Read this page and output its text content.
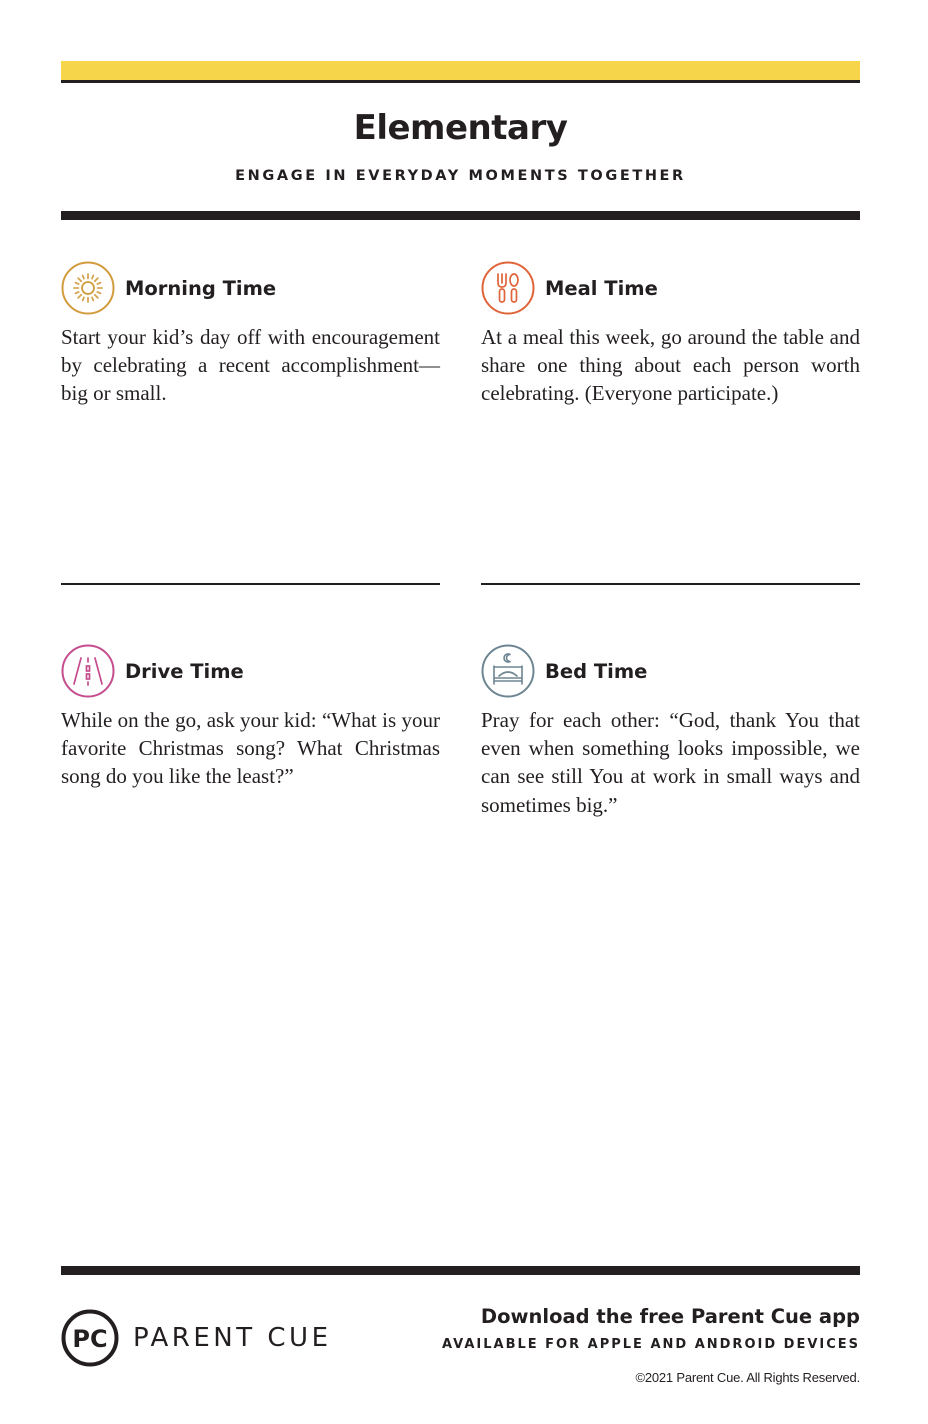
Elementary
ENGAGE IN EVERYDAY MOMENTS TOGETHER
Morning Time
Start your kid’s day off with encouragement by celebrating a recent accomplishment—big or small.
Meal Time
At a meal this week, go around the table and share one thing about each person worth celebrating. (Everyone participate.)
Drive Time
While on the go, ask your kid: “What is your favorite Christmas song? What Christmas song do you like the least?”
Bed Time
Pray for each other: “God, thank You that even when something looks impossible, we can see still You at work in small ways and sometimes big.”
PC PARENT CUE
Download the free Parent Cue app
AVAILABLE FOR APPLE AND ANDROID DEVICES
©2021 Parent Cue. All Rights Reserved.
